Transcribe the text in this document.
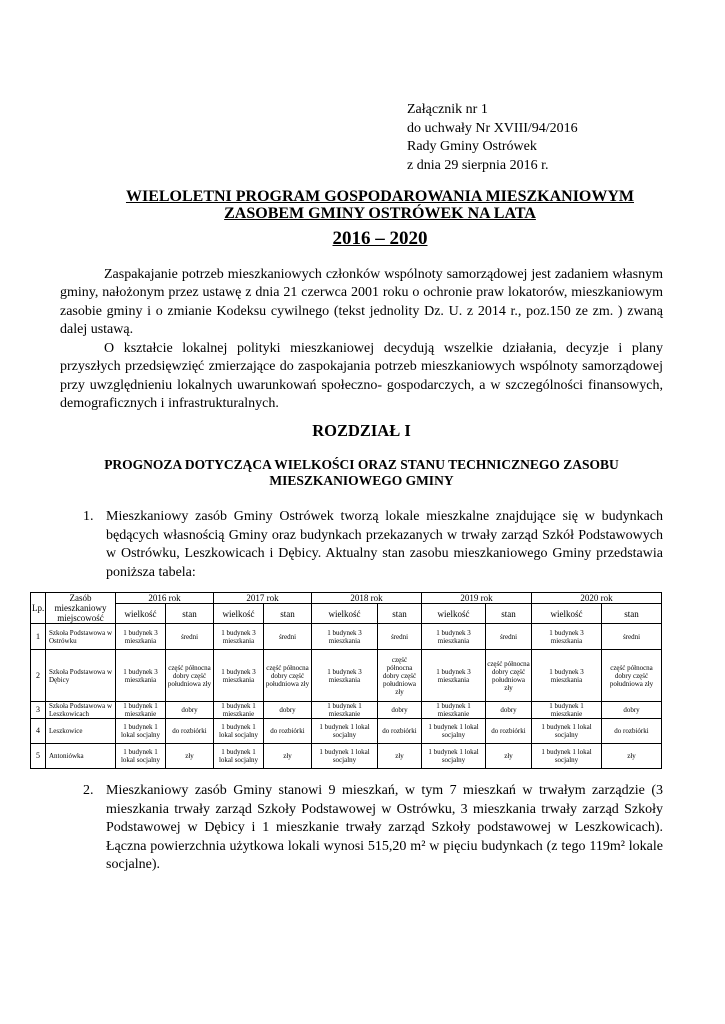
Załącznik nr 1
do uchwały Nr XVIII/94/2016
Rady Gminy Ostrówek
z dnia 29 sierpnia 2016 r.
WIELOLETNI PROGRAM GOSPODAROWANIA MIESZKANIOWYM
ZASOBEM GMINY OSTRÓWEK NA LATA
2016 – 2020
Zaspakajanie potrzeb mieszkaniowych członków wspólnoty samorządowej jest zadaniem własnym gminy, nałożonym przez ustawę z dnia 21 czerwca 2001 roku o ochronie praw lokatorów, mieszkaniowym zasobie gminy i o zmianie Kodeksu cywilnego (tekst jednolity Dz. U. z 2014 r., poz.150 ze zm. ) zwaną dalej ustawą.
O kształcie lokalnej polityki mieszkaniowej decydują wszelkie działania, decyzje i plany przyszłych przedsięwzięć zmierzające do zaspokajania potrzeb mieszkaniowych wspólnoty samorządowej przy uwzględnieniu lokalnych uwarunkowań społeczno- gospodarczych, a w szczególności finansowych, demograficznych i infrastrukturalnych.
ROZDZIAŁ I
PROGNOZA DOTYCZĄCA WIELKOŚCI ORAZ STANU TECHNICZNEGO ZASOBU MIESZKANIOWEGO GMINY
1. Mieszkaniowy zasób Gminy Ostrówek tworzą lokale mieszkalne znajdujące się w budynkach będących własnością Gminy oraz budynkach przekazanych w trwały zarząd Szkół Podstawowych w Ostrówku, Leszkowicach i Dębicy. Aktualny stan zasobu mieszkaniowego Gminy przedstawia poniższa tabela:
Lp.	Zasób mieszkaniowy miejscowość	2016 rok		2017 rok		2018 rok		2019 rok		2020 rok	
		wielkość	stan	wielkość	stan	wielkość	stan	wielkość	stan	wielkość	stan
1	Szkoła Podstawowa w Ostrówku	1 budynek 3 mieszkania	średni	1 budynek 3 mieszkania	średni	1 budynek 3 mieszkania	średni	1 budynek 3 mieszkania	średni	1 budynek 3 mieszkania	średni
2	Szkoła Podstawowa w Dębicy	1 budynek 3 mieszkania	część północna dobry część południowa zły	1 budynek 3 mieszkania	część północna dobry część południowa zły	1 budynek 3 mieszkania	część północna dobry część południowa zły	1 budynek 3 mieszkania	część północna dobry część południowa zły	1 budynek 3 mieszkania	część północna dobry część południowa zły
3	Szkoła Podstawowa w Leszkowicach	1 budynek 1 mieszkanie	dobry	1 budynek 1 mieszkanie	dobry	1 budynek 1 mieszkanie	dobry	1 budynek 1 mieszkanie	dobry	1 budynek 1 mieszkanie	dobry
4	Leszkowice	1 budynek 1 lokal socjalny	do rozbiórki	1 budynek 1 lokal socjalny	do rozbiórki	1 budynek 1 lokal socjalny	do rozbiórki	1 budynek 1 lokal socjalny	do rozbiórki	1 budynek 1 lokal socjalny	do rozbiórki
5	Antoniówka	1 budynek 1 lokal socjalny	zły	1 budynek 1 lokal socjalny	zły	1 budynek 1 lokal socjalny	zły	1 budynek 1 lokal socjalny	zły	1 budynek 1 lokal socjalny	zły
2. Mieszkaniowy zasób Gminy stanowi 9 mieszkań, w tym 7 mieszkań w trwałym zarządzie (3 mieszkania trwały zarząd Szkoły Podstawowej w Ostrówku, 3 mieszkania trwały zarząd Szkoły Podstawowej w Dębicy i 1 mieszkanie trwały zarząd Szkoły podstawowej w Leszkowicach). Łączna powierzchnia użytkowa lokali wynosi 515,20 m² w pięciu budynkach (z tego 119m² lokale socjalne).
